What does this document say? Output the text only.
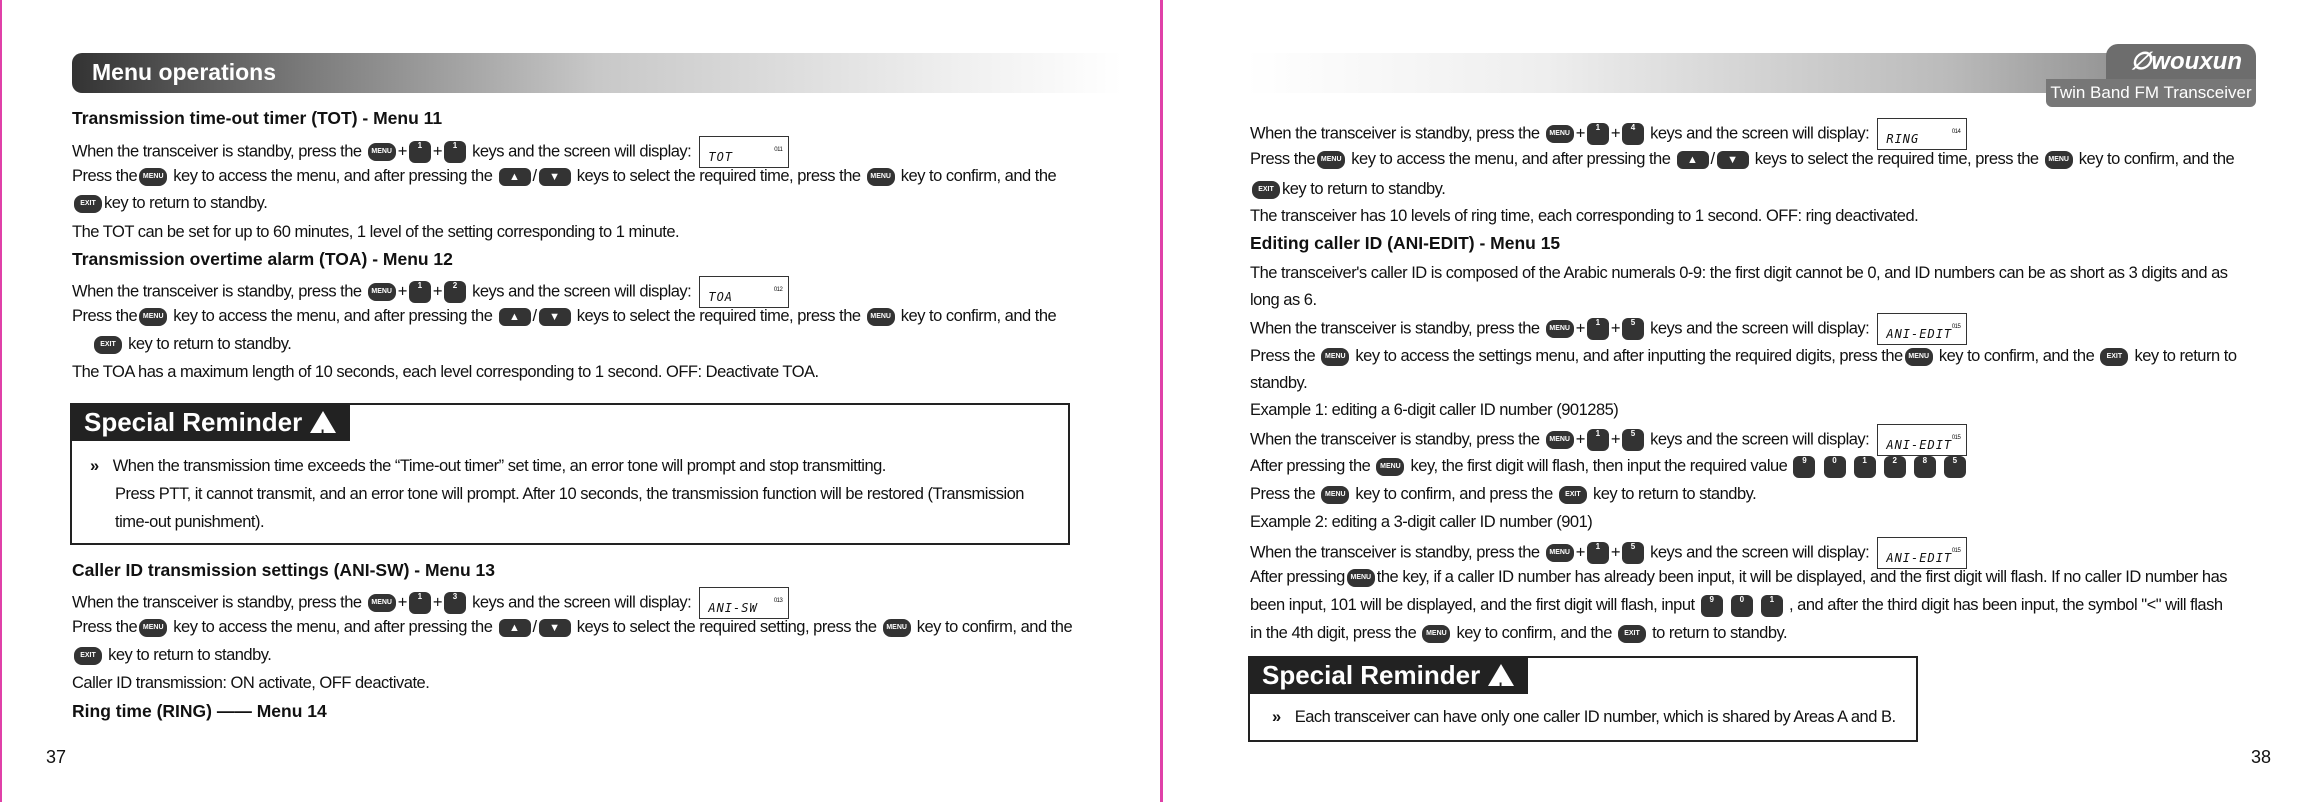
Menu operations
Transmission time-out timer (TOT) - Menu 11
When the transceiver is standby, press the MENU + 1 + 1 keys and the screen will display: TOT	011
Press the MENU key to access the menu, and after pressing the ▲ / ▼ keys to select the required time, press the MENU key to confirm, and the
EXIT key to return to standby.
The TOT can be set for up to 60 minutes, 1 level of the setting corresponding to 1 minute.
Transmission overtime alarm (TOA) - Menu 12
When the transceiver is standby, press the MENU + 1 + 2 keys and the screen will display: TOA	012
Press the MENU key to access the menu, and after pressing the ▲ / ▼ keys to select the required time, press the MENU key to confirm, and the
EXIT key to return to standby.
The TOA has a maximum length of 10 seconds, each level corresponding to 1 second. OFF: Deactivate TOA.
Special Reminder!
» When the transmission time exceeds the “Time-out timer” set time, an error tone will prompt and stop transmitting.
Press PTT, it cannot transmit, and an error tone will prompt. After 10 seconds, the transmission function will be restored (Transmission
time-out punishment).
Caller ID transmission settings (ANI-SW) - Menu 13
When the transceiver is standby, press the MENU + 1 + 3 keys and the screen will display: ANI-SW	013
Press the MENU key to access the menu, and after pressing the ▲ / ▼ keys to select the required setting, press the MENU key to confirm, and the
EXIT key to return to standby.
Caller ID transmission: ON activate, OFF deactivate.
Ring time (RING) —— Menu 14
37
∅wouxun
Twin Band FM Transceiver
When the transceiver is standby, press the MENU + 1 + 4 keys and the screen will display: RING	014
Press the MENU key to access the menu, and after pressing the ▲ / ▼ keys to select the required time, press the MENU key to confirm, and the
EXIT key to return to standby.
The transceiver has 10 levels of ring time, each corresponding to 1 second. OFF: ring deactivated.
Editing caller ID (ANI-EDIT) - Menu 15
The transceiver's caller ID is composed of the Arabic numerals 0-9: the first digit cannot be 0, and ID numbers can be as short as 3 digits and as
long as 6.
When the transceiver is standby, press the MENU + 1 + 5 keys and the screen will display: ANI-EDIT 015
Press the MENU key to access the settings menu, and after inputting the required digits, press the MENU key to confirm, and the EXIT key to return to
standby.
Example 1: editing a 6-digit caller ID number (901285)
When the transceiver is standby, press the MENU + 1 + 5 keys and the screen will display: ANI-EDIT 015
After pressing the MENU key, the first digit will flash, then input the required value 9	0	1	2	8	5
Press the MENU key to confirm, and press the EXIT key to return to standby.
Example 2: editing a 3-digit caller ID number (901)
When the transceiver is standby, press the MENU + 1 + 5 keys and the screen will display: ANI-EDIT 015
After pressing MENU the key, if a caller ID number has already been input, it will be displayed, and the first digit will flash. If no caller ID number has
been input, 101 will be displayed, and the first digit will flash, input 9	0	1 , and after the third digit has been input, the symbol "<" will flash
in the 4th digit, press the MENU key to confirm, and the EXIT to return to standby.
Special Reminder!
» Each transceiver can have only one caller ID number, which is shared by Areas A and B.
38
